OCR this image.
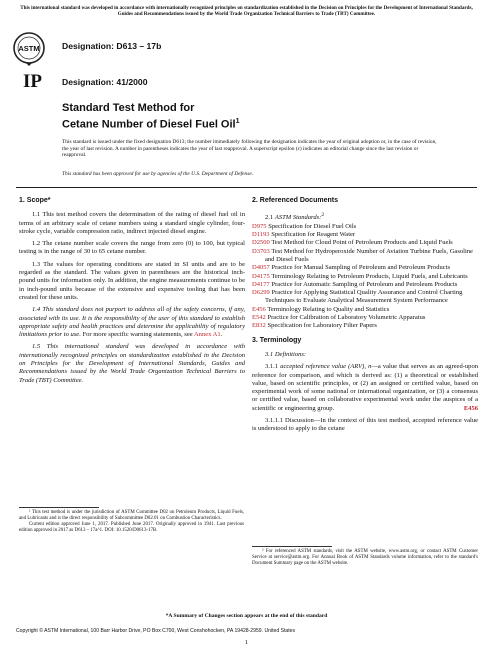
This international standard was developed in accordance with internationally recognized principles on standardization established in the Decision on Principles for the Development of International Standards, Guides and Recommendations issued by the World Trade Organization Technical Barriers to Trade (TBT) Committee.
ASTM
IP
Designation: D613 – 17b
Designation: 41/2000
Standard Test Method for
Cetane Number of Diesel Fuel Oil$^1$
This standard is issued under the fixed designation D613; the number immediately following the designation indicates the year of original adoption or, in the case of revision, the year of last revision. A number in parentheses indicates the year of last reapproval. A superscript epsilon (ε) indicates an editorial change since the last revision or reapproval.
This standard has been approved for use by agencies of the U.S. Department of Defense.
1. Scope*

1.1 This test method covers the determination of the rating of diesel fuel oil in terms of an arbitrary scale of cetane numbers using a standard single cylinder, four-stroke cycle, variable compression ratio, indirect injected diesel engine.

1.2 The cetane number scale covers the range from zero (0) to 100, but typical testing is in the range of 30 to 65 cetane number.

1.3 The values for operating conditions are stated in SI units and are to be regarded as the standard. The values given in parentheses are the historical inch-pound units for information only. In addition, the engine measurements continue to be in inch-pound units because of the extensive and expensive tooling that has been created for these units.

1.4 This standard does not purport to address all of the safety concerns, if any, associated with its use. It is the responsibility of the user of this standard to establish appropriate safety and health practices and determine the applicability of regulatory limitations prior to use. For more specific warning statements, see Annex A1.

1.5 This international standard was developed in accordance with internationally recognized principles on standardization established in the Decision on Principles for the Development of International Standards, Guides and Recommendations issued by the World Trade Organization Technical Barriers to Trade (TBT) Committee.

2. Referenced Documents
2.1 ASTM Standards:$^2$
D975 Specification for Diesel Fuel Oils
D1193 Specification for Reagent Water
D2500 Test Method for Cloud Point of Petroleum Products and Liquid Fuels
D3703 Test Method for Hydroperoxide Number of Aviation Turbine Fuels, Gasoline and Diesel Fuels
D4057 Practice for Manual Sampling of Petroleum and Petroleum Products
D4175 Terminology Relating to Petroleum Products, Liquid Fuels, and Lubricants
D4177 Practice for Automatic Sampling of Petroleum and Petroleum Products
D6299 Practice for Applying Statistical Quality Assurance and Control Charting Techniques to Evaluate Analytical Measurement System Performance
E456 Terminology Relating to Quality and Statistics
E542 Practice for Calibration of Laboratory Volumetric Apparatus
E832 Specification for Laboratory Filter Papers
3. Terminology

3.1 Definitions:

3.1.1 accepted reference value (ARV), n—a value that serves as an agreed-upon reference for comparison, and which is derived as: (1) a theoretical or established value, based on scientific principles, or (2) an assigned or certified value, based on experimental work of some national or international organization, or (3) a consensus or certified value, based on collaborative experimental work under the auspices of a scientific or engineering group.	E456

3.1.1.1 Discussion—In the context of this test method, accepted reference value is understood to apply to the cetane

¹ This test method is under the jurisdiction of ASTM Committee D02 on Petroleum Products, Liquid Fuels, and Lubricants and is the direct responsibility of Subcommittee D02.01 on Combustion Characteristics.
Current edition approved June 1, 2017. Published June 2017. Originally approved in 1941. Last previous edition approved in 2017 as D613 – 17a^1. DOI: 10.1520/D0613-17B.
² For referenced ASTM standards, visit the ASTM website, www.astm.org, or contact ASTM Customer Service at service@astm.org. For Annual Book of ASTM Standards volume information, refer to the standard's Document Summary page on the ASTM website.
*A Summary of Changes section appears at the end of this standard
Copyright © ASTM International, 100 Barr Harbor Drive, PO Box C700, West Conshohocken, PA 19428-2959. United States
1
